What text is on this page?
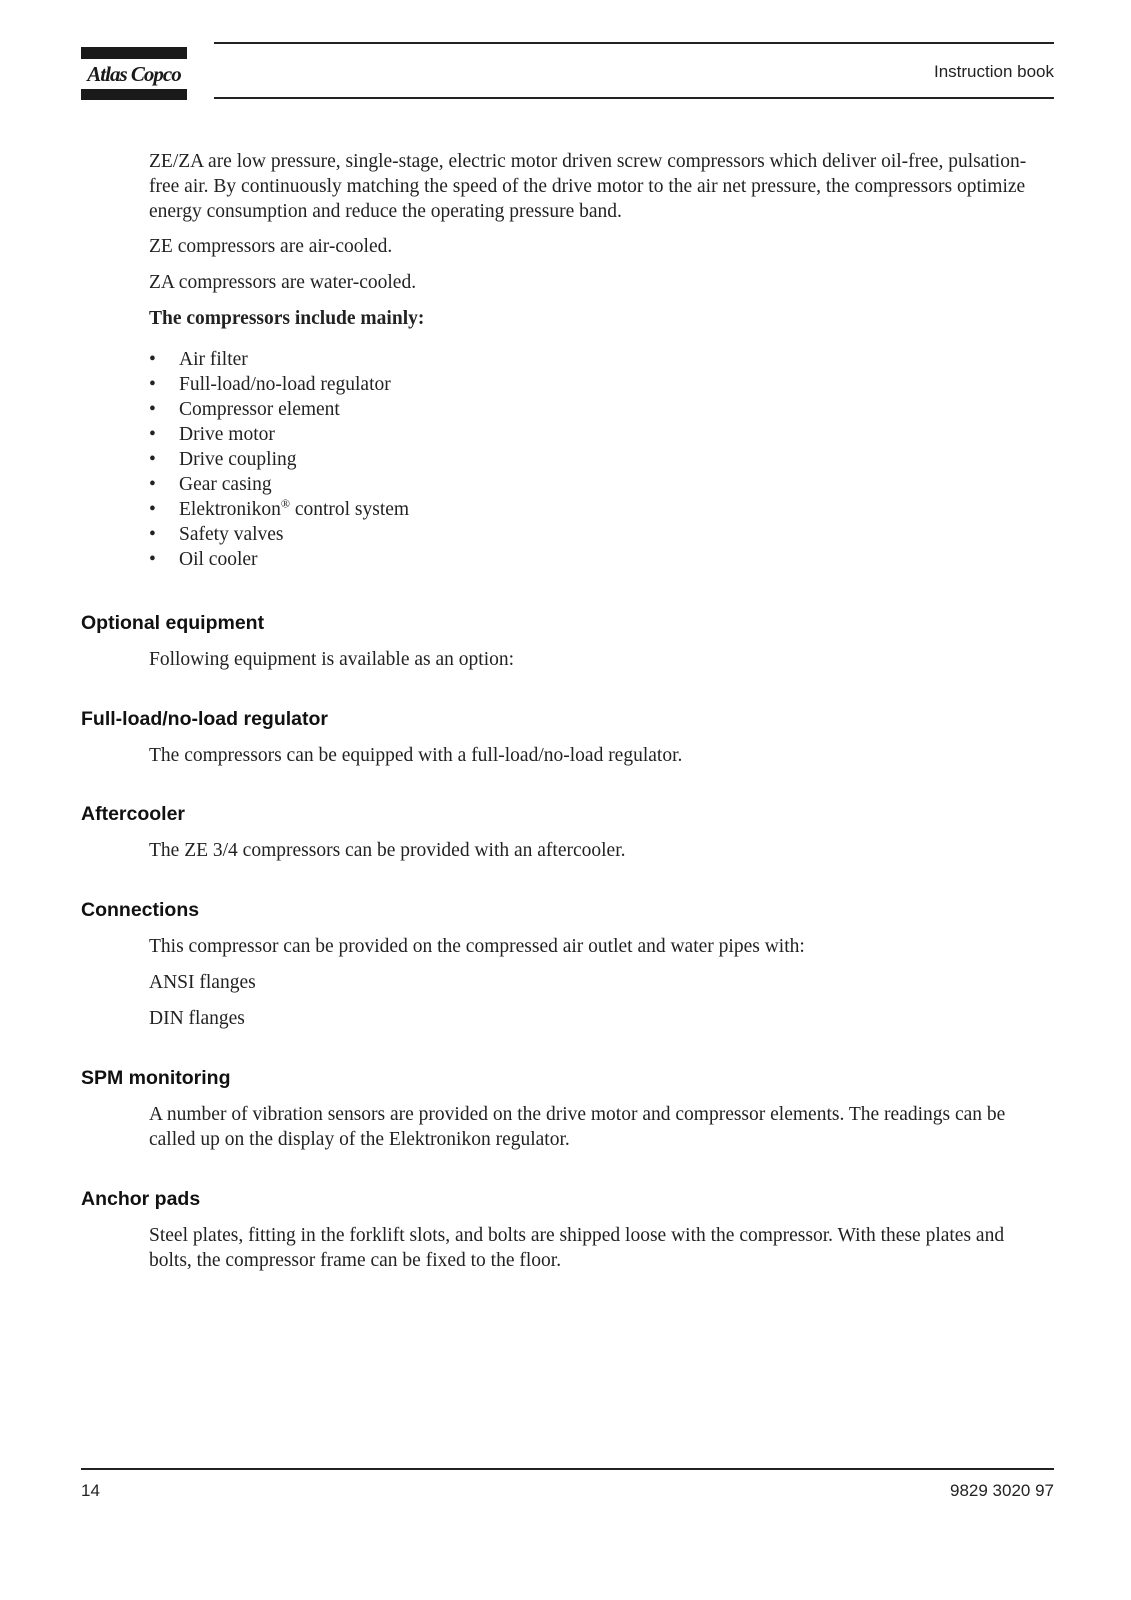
Atlas Copco	Instruction book

ZE/ZA are low pressure, single-stage, electric motor driven screw compressors which deliver oil-free, pulsation-free air. By continuously matching the speed of the drive motor to the air net pressure, the compressors optimize energy consumption and reduce the operating pressure band.

ZE compressors are air-cooled.

ZA compressors are water-cooled.

The compressors include mainly:

• Air filter
• Full-load/no-load regulator
• Compressor element
• Drive motor
• Drive coupling
• Gear casing
• Elektronikon® control system
• Safety valves
• Oil cooler
Optional equipment

Following equipment is available as an option:

Full-load/no-load regulator

The compressors can be equipped with a full-load/no-load regulator.

Aftercooler

The ZE 3/4 compressors can be provided with an aftercooler.

Connections

This compressor can be provided on the compressed air outlet and water pipes with:

ANSI flanges

DIN flanges

SPM monitoring

A number of vibration sensors are provided on the drive motor and compressor elements. The readings can be called up on the display of the Elektronikon regulator.

Anchor pads

Steel plates, fitting in the forklift slots, and bolts are shipped loose with the compressor. With these plates and bolts, the compressor frame can be fixed to the floor.

14	9829 3020 97
